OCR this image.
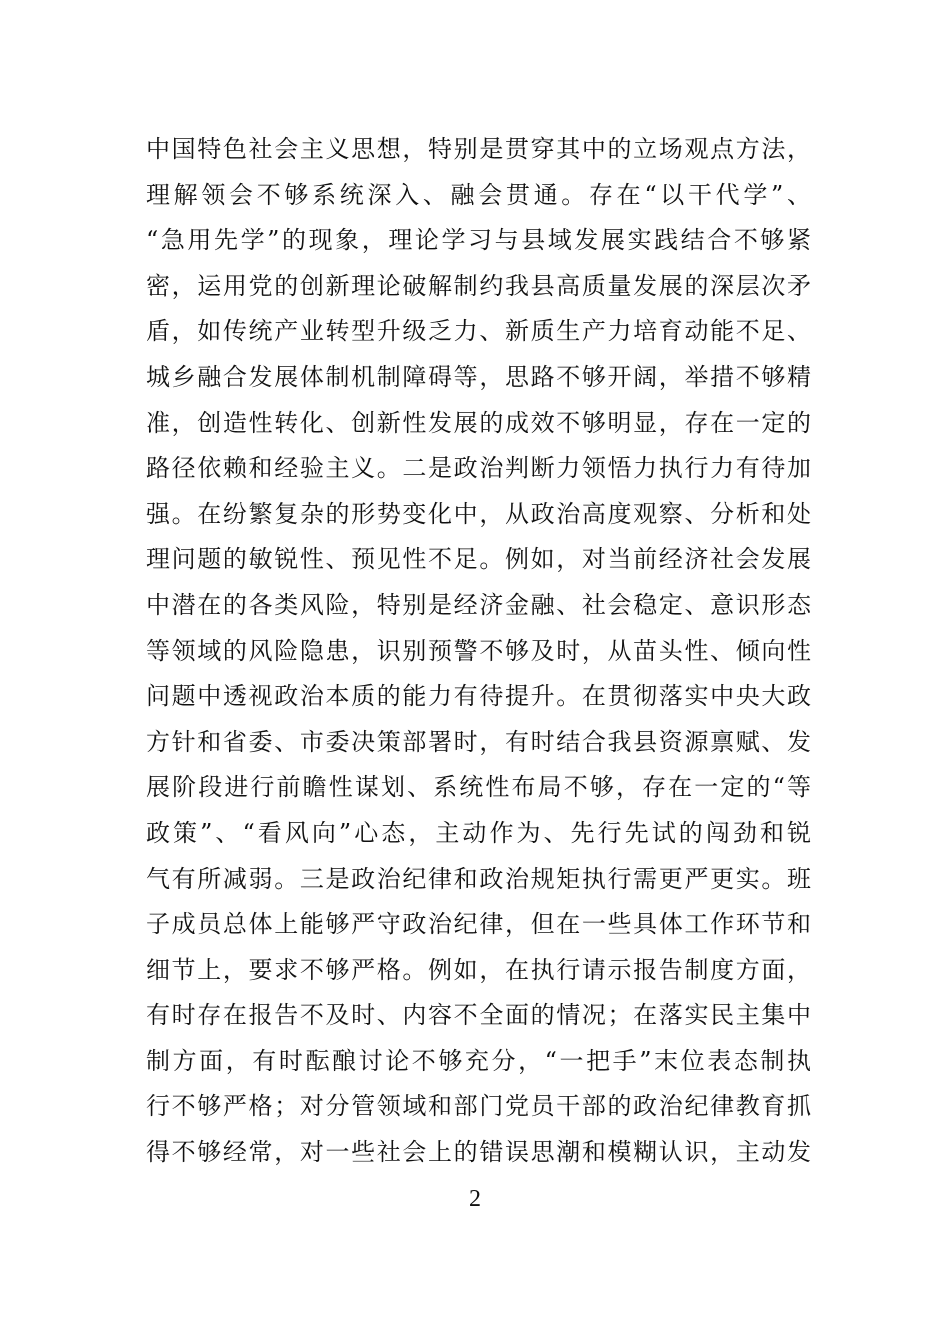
中国特色社会主义思想，特别是贯穿其中的立场观点方法，
理解领会不够系统深入、融会贯通。存在“以干代学”、
“急用先学”的现象，理论学习与县域发展实践结合不够紧
密，运用党的创新理论破解制约我县高质量发展的深层次矛
盾，如传统产业转型升级乏力、新质生产力培育动能不足、
城乡融合发展体制机制障碍等，思路不够开阔，举措不够精
准，创造性转化、创新性发展的成效不够明显，存在一定的
路径依赖和经验主义。二是政治判断力领悟力执行力有待加
强。在纷繁复杂的形势变化中，从政治高度观察、分析和处
理问题的敏锐性、预见性不足。例如，对当前经济社会发展
中潜在的各类风险，特别是经济金融、社会稳定、意识形态
等领域的风险隐患，识别预警不够及时，从苗头性、倾向性
问题中透视政治本质的能力有待提升。在贯彻落实中央大政
方针和省委、市委决策部署时，有时结合我县资源禀赋、发
展阶段进行前瞻性谋划、系统性布局不够，存在一定的“等
政策”、“看风向”心态，主动作为、先行先试的闯劲和锐
气有所减弱。三是政治纪律和政治规矩执行需更严更实。班
子成员总体上能够严守政治纪律，但在一些具体工作环节和
细节上，要求不够严格。例如，在执行请示报告制度方面，
有时存在报告不及时、内容不全面的情况；在落实民主集中
制方面，有时酝酿讨论不够充分，“一把手”末位表态制执
行不够严格；对分管领域和部门党员干部的政治纪律教育抓
得不够经常，对一些社会上的错误思潮和模糊认识，主动发
2
